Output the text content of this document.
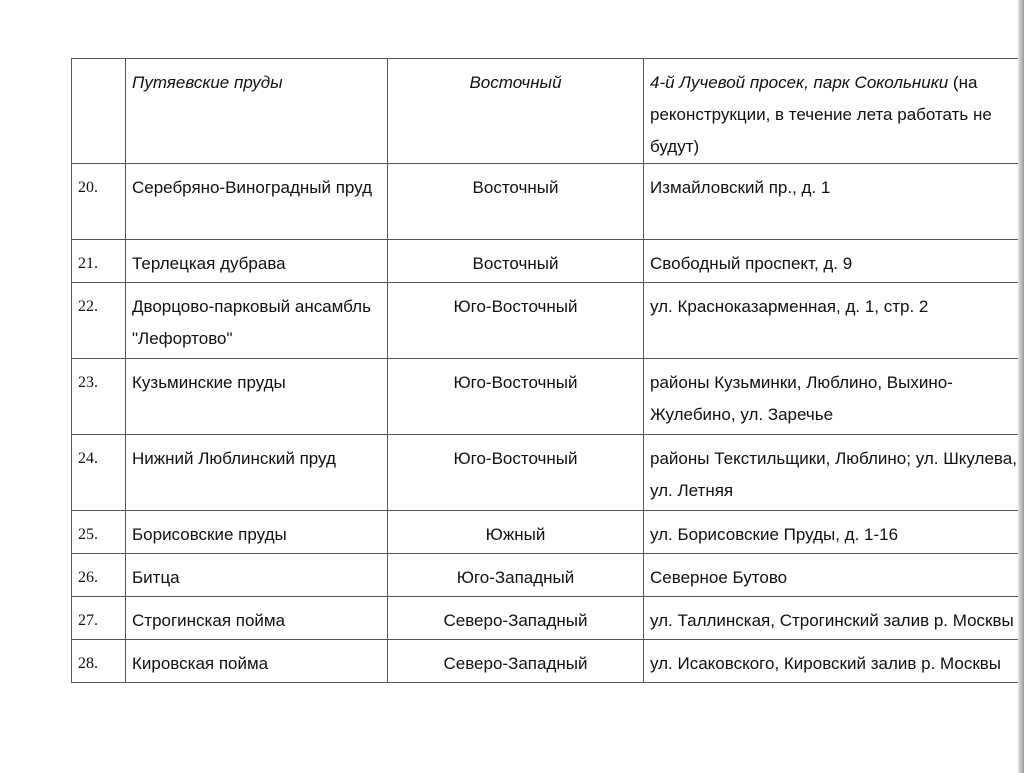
	Путяевские пруды	Восточный	4-й Лучевой просек, парк Сокольники (на реконструкции, в течение лета работать не будут)
20.	Серебряно-Виноградный пруд	Восточный	Измайловский пр., д. 1
21.	Терлецкая дубрава	Восточный	Свободный проспект, д. 9
22.	Дворцово-парковый ансамбль "Лефортово"	Юго-Восточный	ул. Красноказарменная, д. 1, стр. 2
23.	Кузьминские пруды	Юго-Восточный	районы Кузьминки, Люблино, Выхино-Жулебино, ул. Заречье
24.	Нижний Люблинский пруд	Юго-Восточный	районы Текстильщики, Люблино; ул. Шкулева, ул. Летняя
25.	Борисовские пруды	Южный	ул. Борисовские Пруды, д. 1-16
26.	Битца	Юго-Западный	Северное Бутово
27.	Строгинская пойма	Северо-Западный	ул. Таллинская, Строгинский залив р. Москвы
28.	Кировская пойма	Северо-Западный	ул. Исаковского, Кировский залив р. Москвы
